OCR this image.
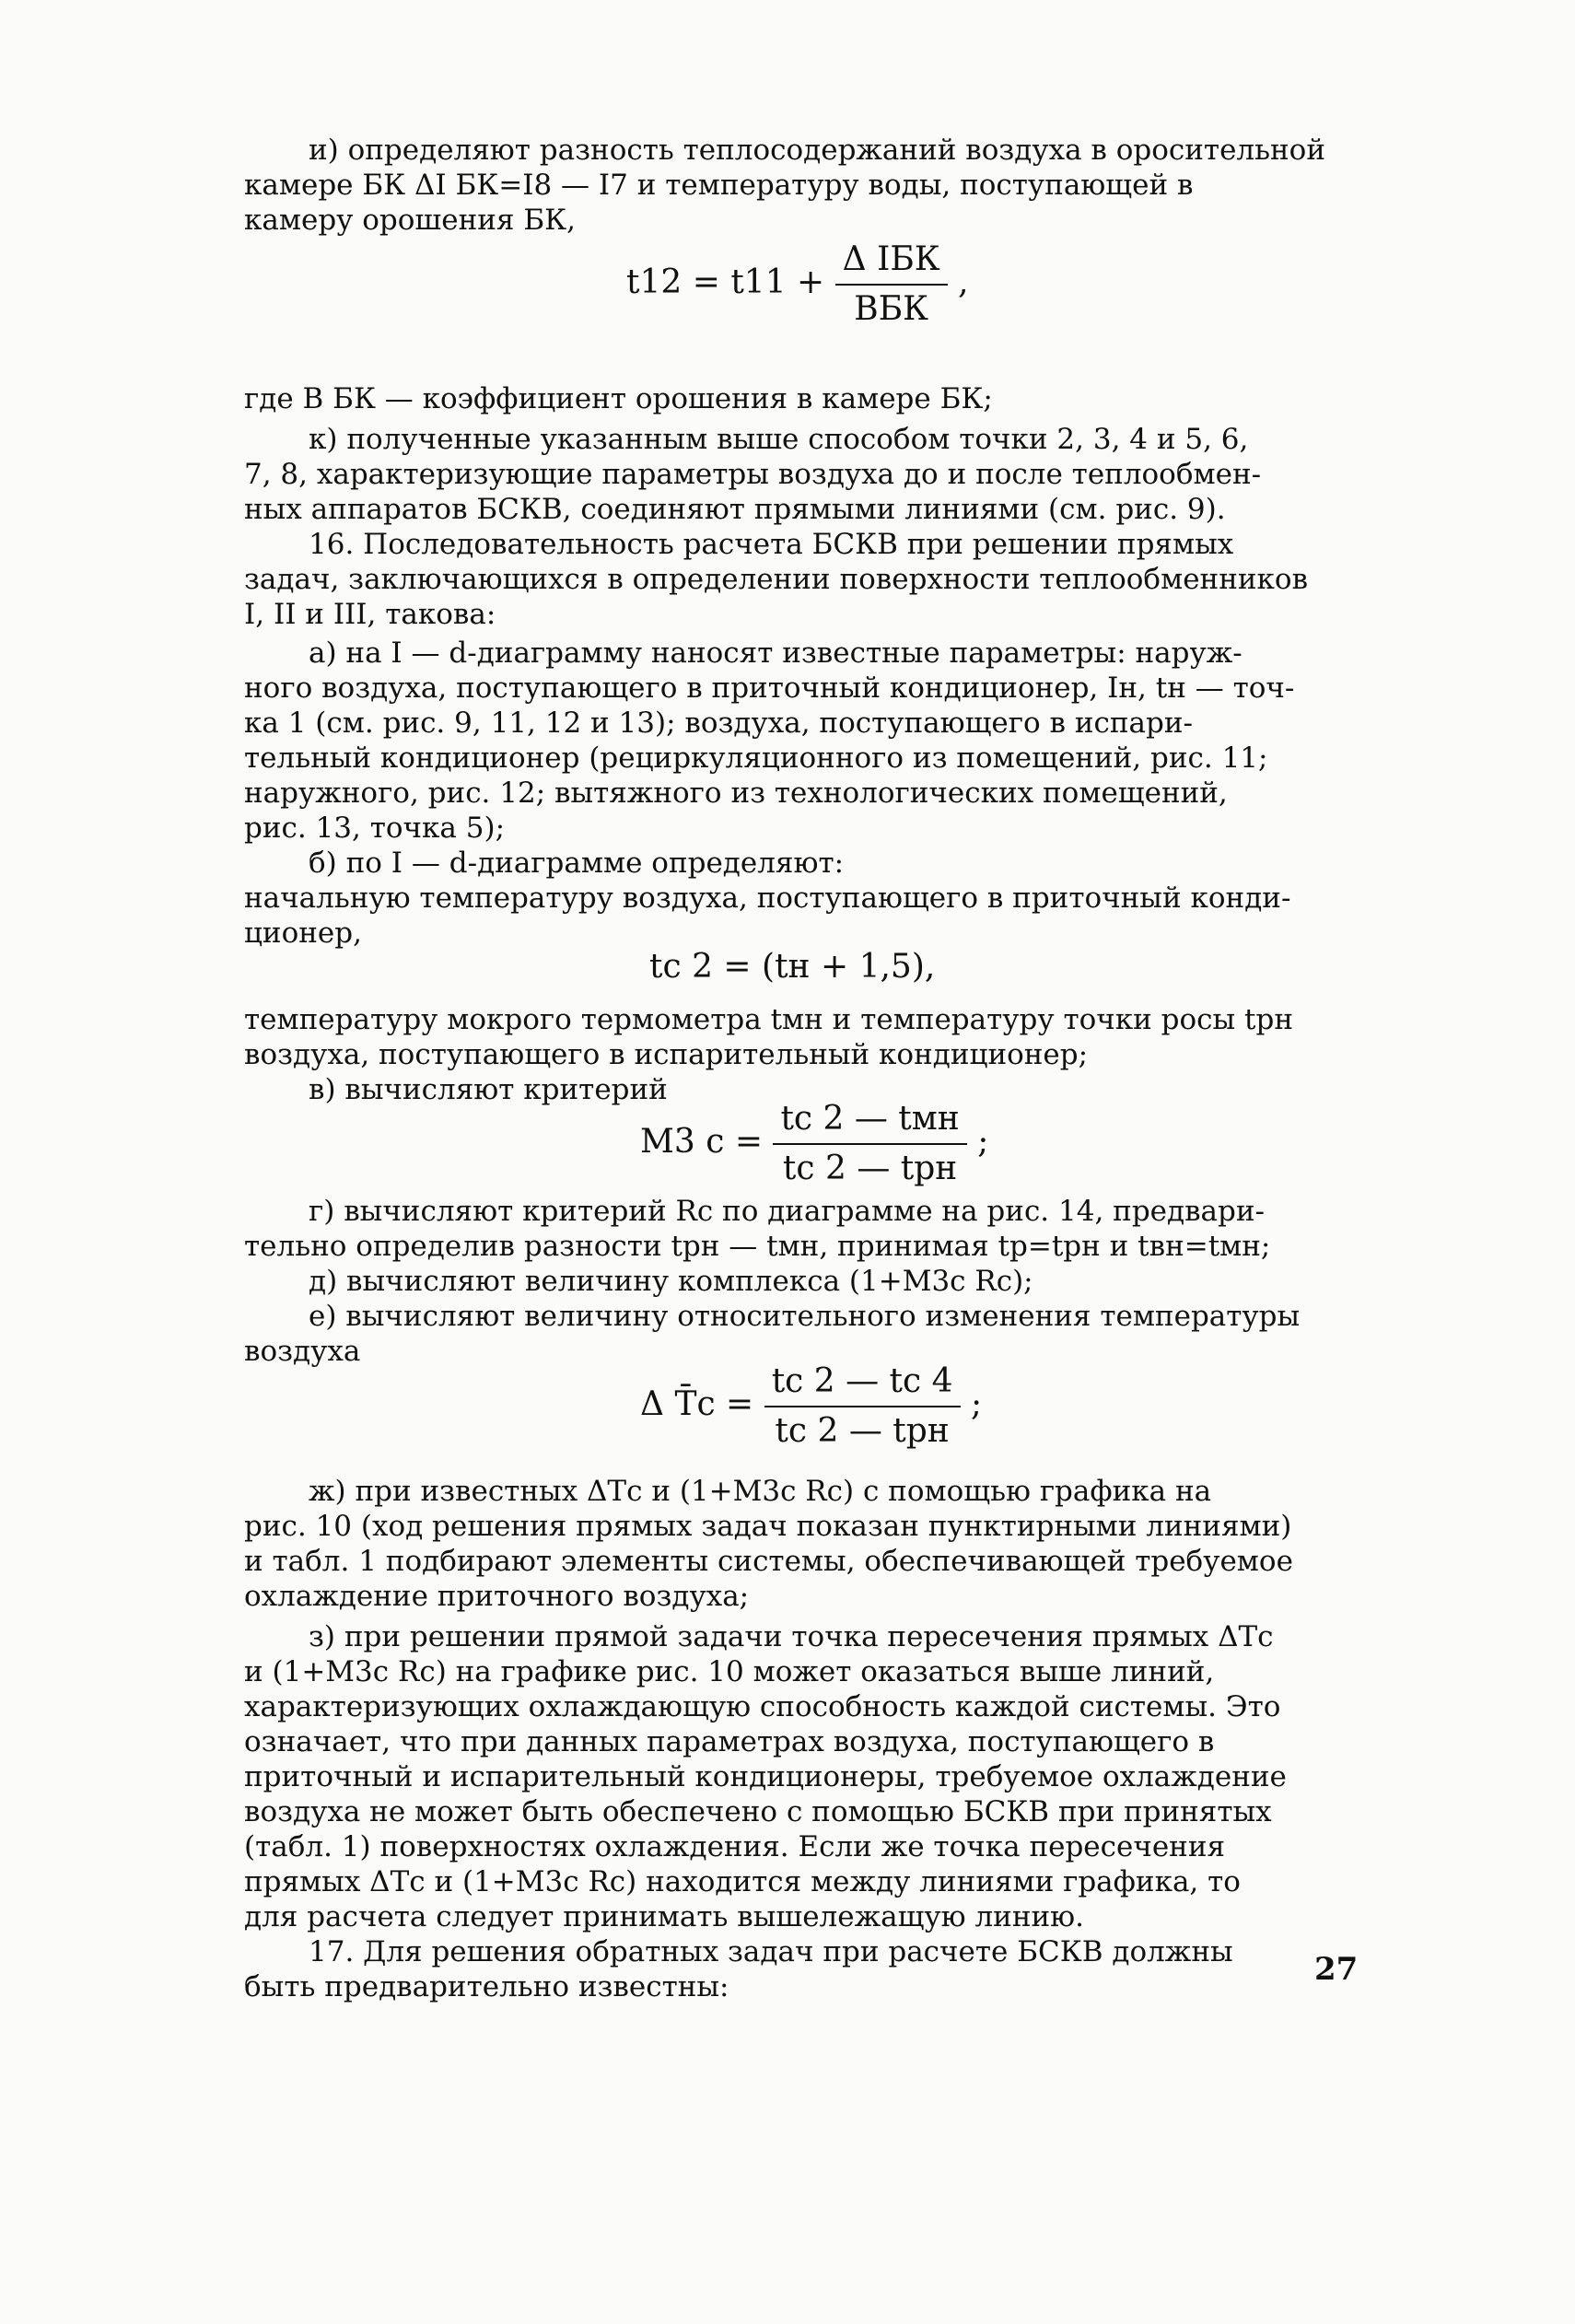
и) определяют разность теплосодержаний воздуха в оросительной
камере БК ΔI БК=I8 — I7 и температуру воды, поступающей в
камеру орошения БК,
$t12 = t11 + \frac{\text{Δ IБК}}{\text{BБК}}$ ,
где B БК — коэффициент орошения в камере БК;
к) полученные указанным выше способом точки 2, 3, 4 и 5, 6,
7, 8, характеризующие параметры воздуха до и после теплообмен-
ных аппаратов БСКВ, соединяют прямыми линиями (см. рис. 9).
16. Последовательность расчета БСКВ при решении прямых
задач, заключающихся в определении поверхности теплообменников
I, II и III, такова:
а) на I — d-диаграмму наносят известные параметры: наруж-
ного воздуха, поступающего в приточный кондиционер, Iн, tн — точ-
ка 1 (см. рис. 9, 11, 12 и 13); воздуха, поступающего в испари-
тельный кондиционер (рециркуляционного из помещений, рис. 11;
наружного, рис. 12; вытяжного из технологических помещений,
рис. 13, точка 5);
б) по I — d-диаграмме определяют:
начальную температуру воздуха, поступающего в приточный конди-
ционер,
tс 2 = (tн + 1,5),
температуру мокрого термометра tмн и температуру точки росы tрн
воздуха, поступающего в испарительный кондиционер;
в) вычисляют критерий
M3 $с = \frac{\text{tс 2 — tмн}}{\text{tс 2 — tрн}}$ ;
г) вычисляют критерий Rс по диаграмме на рис. 14, предвари-
тельно определив разности tрн — tмн, принимая tр=tрн и tвн=tмн;
д) вычисляют величину комплекса (1+M3с Rс);
е) вычисляют величину относительного изменения температуры
воздуха
Δ T̄с = $\frac{tс 2 — tс 4}{\text{tс 2 — tрн}}$ ;
ж) при известных ΔTс и (1+M3с Rс) с помощью графика на
рис. 10 (ход решения прямых задач показан пунктирными линиями)
и табл. 1 подбирают элементы системы, обеспечивающей требуемое
охлаждение приточного воздуха;
з) при решении прямой задачи точка пересечения прямых ΔTс
и (1+M3с Rс) на графике рис. 10 может оказаться выше линий,
характеризующих охлаждающую способность каждой системы. Это
означает, что при данных параметрах воздуха, поступающего в
приточный и испарительный кондиционеры, требуемое охлаждение
воздуха не может быть обеспечено с помощью БСКВ при принятых
(табл. 1) поверхностях охлаждения. Если же точка пересечения
прямых ΔTс и (1+M3с Rс) находится между линиями графика, то
для расчета следует принимать вышележащую линию.
17. Для решения обратных задач при расчете БСКВ должны
быть предварительно известны:	27
